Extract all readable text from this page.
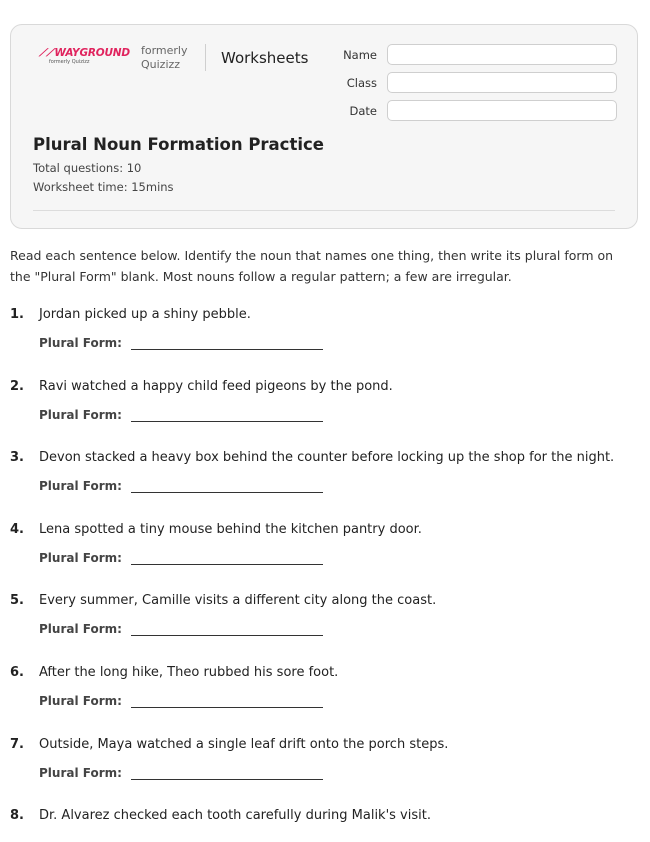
⟋⟋WAYGROUND
formerly Quizizz
formerly
Quizizz	Worksheets	Name
Class
Date
Plural Noun Formation Practice
Total questions: 10
Worksheet time: 15mins
Read each sentence below. Identify the noun that names one thing, then write its plural form on the "Plural Form" blank. Most nouns follow a regular pattern; a few are irregular.
1.	Jordan picked up a shiny pebble.
Plural Form:
2.	Ravi watched a happy child feed pigeons by the pond.
Plural Form:
3.	Devon stacked a heavy box behind the counter before locking up the shop for the night.
Plural Form:
4.	Lena spotted a tiny mouse behind the kitchen pantry door.
Plural Form:
5.	Every summer, Camille visits a different city along the coast.
Plural Form:
6.	After the long hike, Theo rubbed his sore foot.
Plural Form:
7.	Outside, Maya watched a single leaf drift onto the porch steps.
Plural Form:
8.	Dr. Alvarez checked each tooth carefully during Malik's visit.
